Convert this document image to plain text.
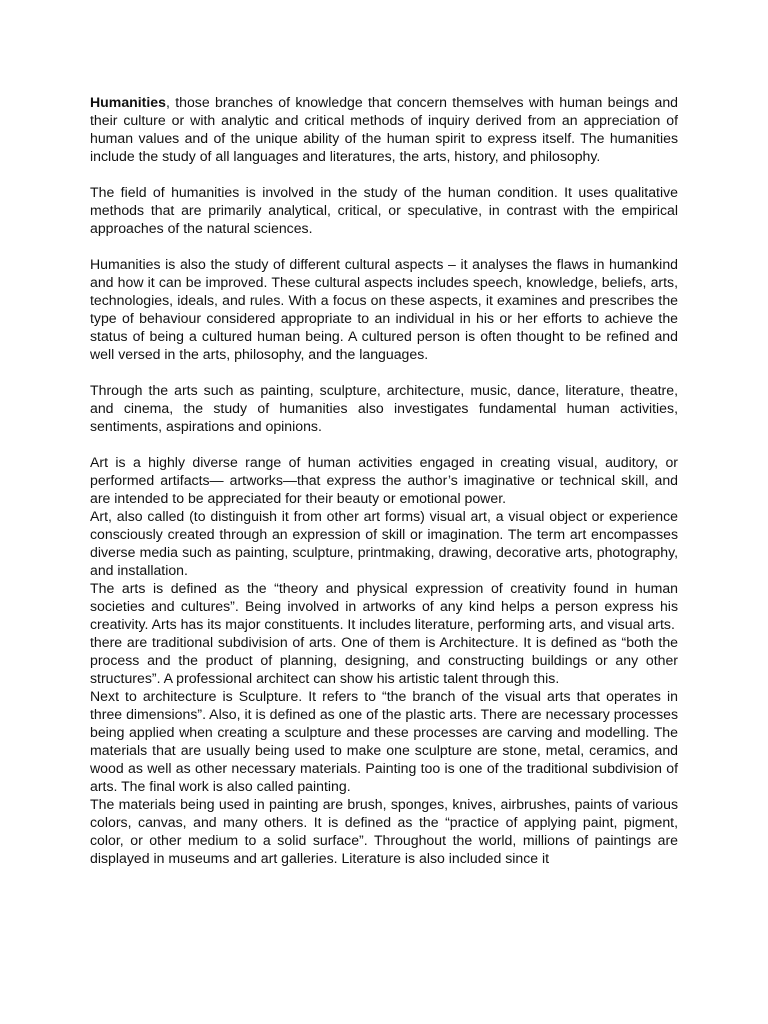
Humanities, those branches of knowledge that concern themselves with human beings and their culture or with analytic and critical methods of inquiry derived from an appreciation of human values and of the unique ability of the human spirit to express itself. The humanities include the study of all languages and literatures, the arts, history, and philosophy.

The field of humanities is involved in the study of the human condition. It uses qualitative methods that are primarily analytical, critical, or speculative, in contrast with the empirical approaches of the natural sciences.

Humanities is also the study of different cultural aspects – it analyses the flaws in humankind and how it can be improved. These cultural aspects includes speech, knowledge, beliefs, arts, technologies, ideals, and rules. With a focus on these aspects, it examines and prescribes the type of behaviour considered appropriate to an individual in his or her efforts to achieve the status of being a cultured human being. A cultured person is often thought to be refined and well versed in the arts, philosophy, and the languages.

Through the arts such as painting, sculpture, architecture, music, dance, literature, theatre, and cinema, the study of humanities also investigates fundamental human activities, sentiments, aspirations and opinions.

Art is a highly diverse range of human activities engaged in creating visual, auditory, or performed artifacts— artworks—that express the author’s imaginative or technical skill, and are intended to be appreciated for their beauty or emotional power.

Art, also called (to distinguish it from other art forms) visual art, a visual object or experience consciously created through an expression of skill or imagination. The term art encompasses diverse media such as painting, sculpture, printmaking, drawing, decorative arts, photography, and installation.

The arts is defined as the “theory and physical expression of creativity found in human societies and cultures”. Being involved in artworks of any kind helps a person express his creativity. Arts has its major constituents. It includes literature, performing arts, and visual arts.

there are traditional subdivision of arts. One of them is Architecture. It is defined as “both the process and the product of planning, designing, and constructing buildings or any other structures”. A professional architect can show his artistic talent through this.

Next to architecture is Sculpture. It refers to “the branch of the visual arts that operates in three dimensions”. Also, it is defined as one of the plastic arts. There are necessary processes being applied when creating a sculpture and these processes are carving and modelling. The materials that are usually being used to make one sculpture are stone, metal, ceramics, and wood as well as other necessary materials. Painting too is one of the traditional subdivision of arts. The final work is also called painting.

The materials being used in painting are brush, sponges, knives, airbrushes, paints of various colors, canvas, and many others. It is defined as the “practice of applying paint, pigment, color, or other medium to a solid surface”. Throughout the world, millions of paintings are displayed in museums and art galleries. Literature is also included since it
